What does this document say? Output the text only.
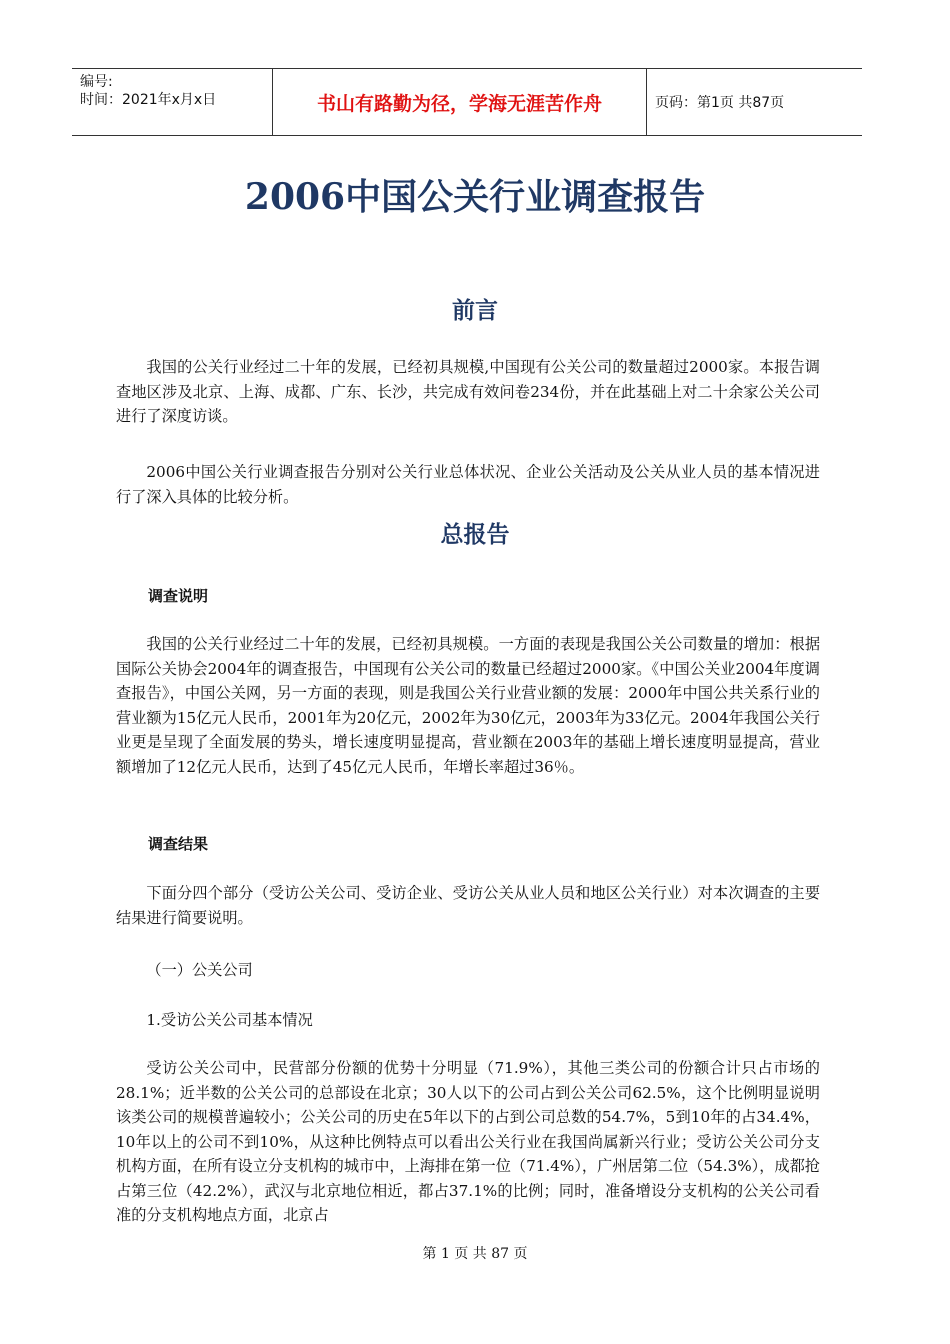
编号:
时间：2021年x月x日	书山有路勤为径，学海无涯苦作舟	页码：第1页 共87页
2006中国公关行业调查报告
前言

我国的公关行业经过二十年的发展，已经初具规模,中国现有公关公司的数量超过2000家。本报告调查地区涉及北京、上海、成都、广东、长沙，共完成有效问卷234份，并在此基础上对二十余家公关公司进行了深度访谈。

2006中国公关行业调查报告分别对公关行业总体状况、企业公关活动及公关从业人员的基本情况进行了深入具体的比较分析。

总报告
调查说明

我国的公关行业经过二十年的发展，已经初具规模。一方面的表现是我国公关公司数量的增加：根据国际公关协会2004年的调查报告，中国现有公关公司的数量已经超过2000家。《中国公关业2004年度调查报告》，中国公关网，另一方面的表现，则是我国公关行业营业额的发展：2000年中国公共关系行业的营业额为15亿元人民币，2001年为20亿元，2002年为30亿元，2003年为33亿元。2004年我国公关行业更是呈现了全面发展的势头，增长速度明显提高，营业额在2003年的基础上增长速度明显提高，营业额增加了12亿元人民币，达到了45亿元人民币，年增长率超过36％。

调查结果

下面分四个部分（受访公关公司、受访企业、受访公关从业人员和地区公关行业）对本次调查的主要结果进行简要说明。

（一）公关公司

1.受访公关公司基本情况

受访公关公司中，民营部分份额的优势十分明显（71.9%），其他三类公司的份额合计只占市场的28.1%；近半数的公关公司的总部设在北京；30人以下的公司占到公关公司62.5%，这个比例明显说明该类公司的规模普遍较小；公关公司的历史在5年以下的占到公司总数的54.7%，5到10年的占34.4%，10年以上的公司不到10%，从这种比例特点可以看出公关行业在我国尚属新兴行业；受访公关公司分支机构方面，在所有设立分支机构的城市中，上海排在第一位（71.4%），广州居第二位（54.3%），成都抢占第三位（42.2%），武汉与北京地位相近，都占37.1%的比例；同时，准备增设分支机构的公关公司看准的分支机构地点方面，北京占

第 1 页 共 87 页
